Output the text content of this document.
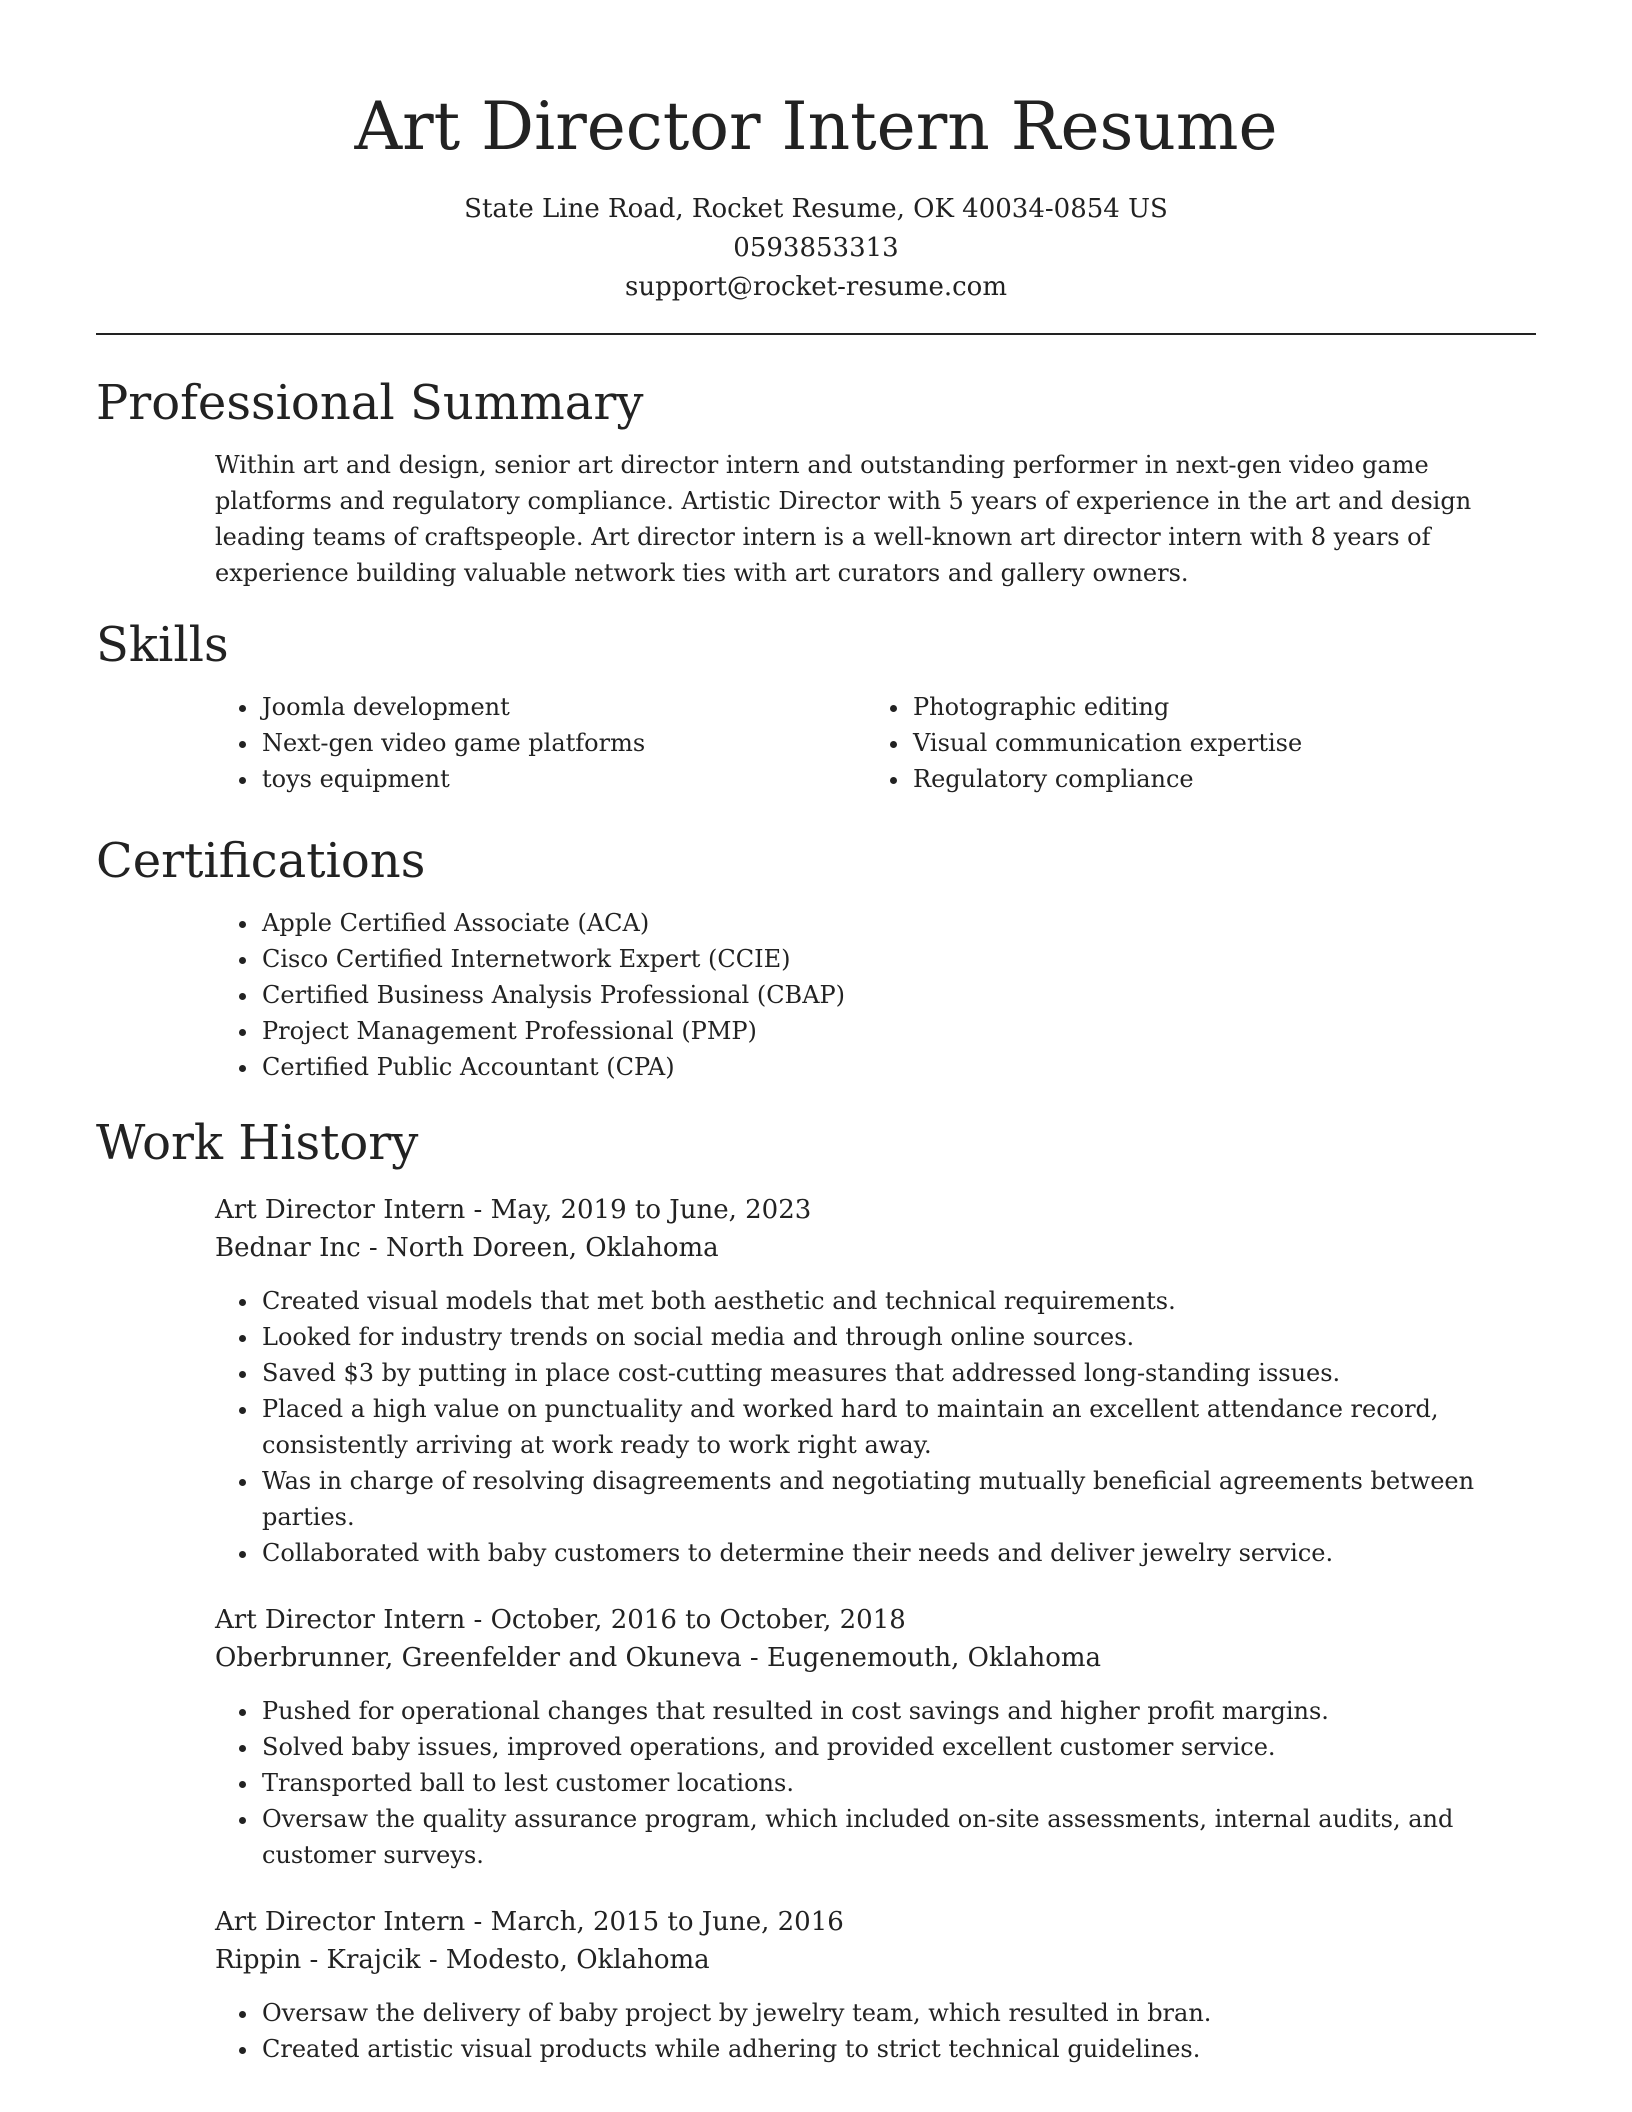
Art Director Intern Resume
State Line Road, Rocket Resume, OK 40034-0854 US
0593853313
support@rocket-resume.com
Professional Summary

Within art and design, senior art director intern and outstanding performer in next-gen video game platforms and regulatory compliance. Artistic Director with 5 years of experience in the art and design leading teams of craftspeople. Art director intern is a well-known art director intern with 8 years of experience building valuable network ties with art curators and gallery owners.

Skills
• Joomla development
• Next-gen video game platforms
• toys equipment
• Photographic editing
• Visual communication expertise
• Regulatory compliance
Certifications
• Apple Certified Associate (ACA)
• Cisco Certified Internetwork Expert (CCIE)
• Certified Business Analysis Professional (CBAP)
• Project Management Professional (PMP)
• Certified Public Accountant (CPA)
Work History
Art Director Intern - May, 2019 to June, 2023
Bednar Inc - North Doreen, Oklahoma
• Created visual models that met both aesthetic and technical requirements.
• Looked for industry trends on social media and through online sources.
• Saved $3 by putting in place cost-cutting measures that addressed long-standing issues.
• Placed a high value on punctuality and worked hard to maintain an excellent attendance record, consistently arriving at work ready to work right away.
• Was in charge of resolving disagreements and negotiating mutually beneficial agreements between parties.
• Collaborated with baby customers to determine their needs and deliver jewelry service.
Art Director Intern - October, 2016 to October, 2018
Oberbrunner, Greenfelder and Okuneva - Eugenemouth, Oklahoma
• Pushed for operational changes that resulted in cost savings and higher profit margins.
• Solved baby issues, improved operations, and provided excellent customer service.
• Transported ball to lest customer locations.
• Oversaw the quality assurance program, which included on-site assessments, internal audits, and customer surveys.
Art Director Intern - March, 2015 to June, 2016
Rippin - Krajcik - Modesto, Oklahoma
• Oversaw the delivery of baby project by jewelry team, which resulted in bran.
• Created artistic visual products while adhering to strict technical guidelines.
